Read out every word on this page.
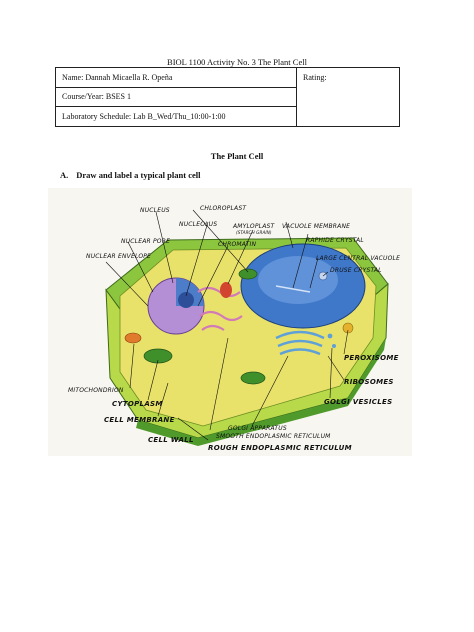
BIOL 1100 Activity No. 3 The Plant Cell
Name: Dannah Micaella R. Opeña	Rating:
Course/Year: BSES 1
Laboratory Schedule: Lab B_Wed/Thu_10:00-1:00
The Plant Cell
A. Draw and label a typical plant cell
NUCLEUS	CHLOROPLAST
NUCLEOLUS	AMYLOPLAST
(STARCH GRAIN)
VACUOLE MEMBRANE
NUCLEAR PORE	CHROMATIN
RAPHIDE CRYSTAL
NUCLEAR ENVELOPE	LARGE CENTRAL VACUOLE
DRUSE CRYSTAL
PEROXISOME
MITOCHONDRION
RIBOSOMES
CYTOPLASM	GOLGI VESICLES
CELL MEMBRANE
GOLGI APPARATUS
SMOOTH ENDOPLASMIC RETICULUM
CELL WALL
ROUGH ENDOPLASMIC RETICULUM
